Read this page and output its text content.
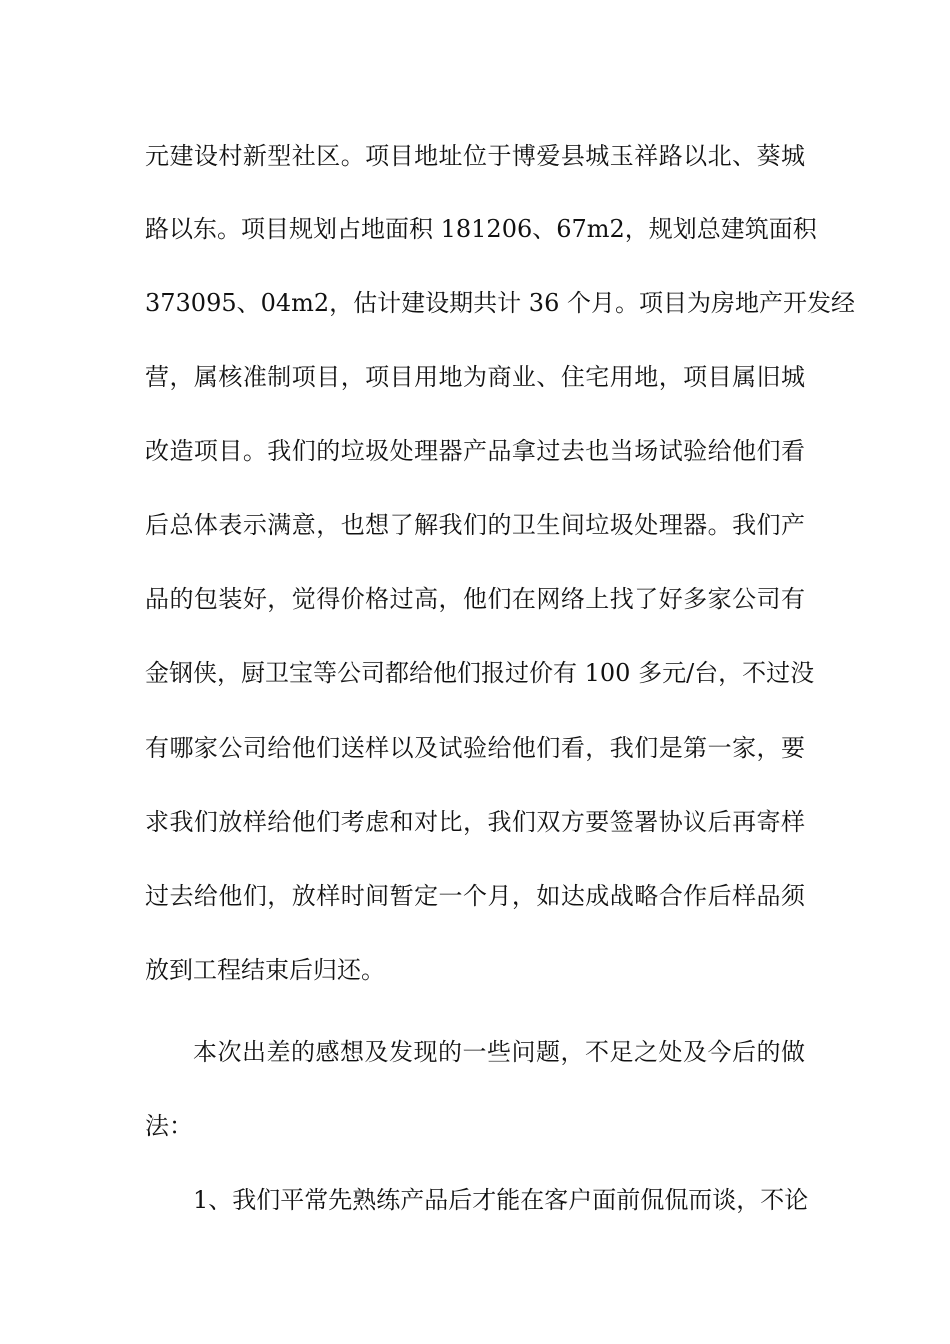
元建设村新型社区。项目地址位于博爱县城玉祥路以北、葵城
路以东。项目规划占地面积 181206、67m2，规划总建筑面积
373095、04m2，估计建设期共计 36 个月。项目为房地产开发经
营，属核准制项目，项目用地为商业、住宅用地，项目属旧城
改造项目。我们的垃圾处理器产品拿过去也当场试验给他们看
后总体表示满意，也想了解我们的卫生间垃圾处理器。我们产
品的包装好，觉得价格过高，他们在网络上找了好多家公司有
金钢侠，厨卫宝等公司都给他们报过价有 100 多元/台，不过没
有哪家公司给他们送样以及试验给他们看，我们是第一家，要
求我们放样给他们考虑和对比，我们双方要签署协议后再寄样
过去给他们，放样时间暂定一个月，如达成战略合作后样品须
放到工程结束后归还。
本次出差的感想及发现的一些问题，不足之处及今后的做
法：
1、我们平常先熟练产品后才能在客户面前侃侃而谈，不论
